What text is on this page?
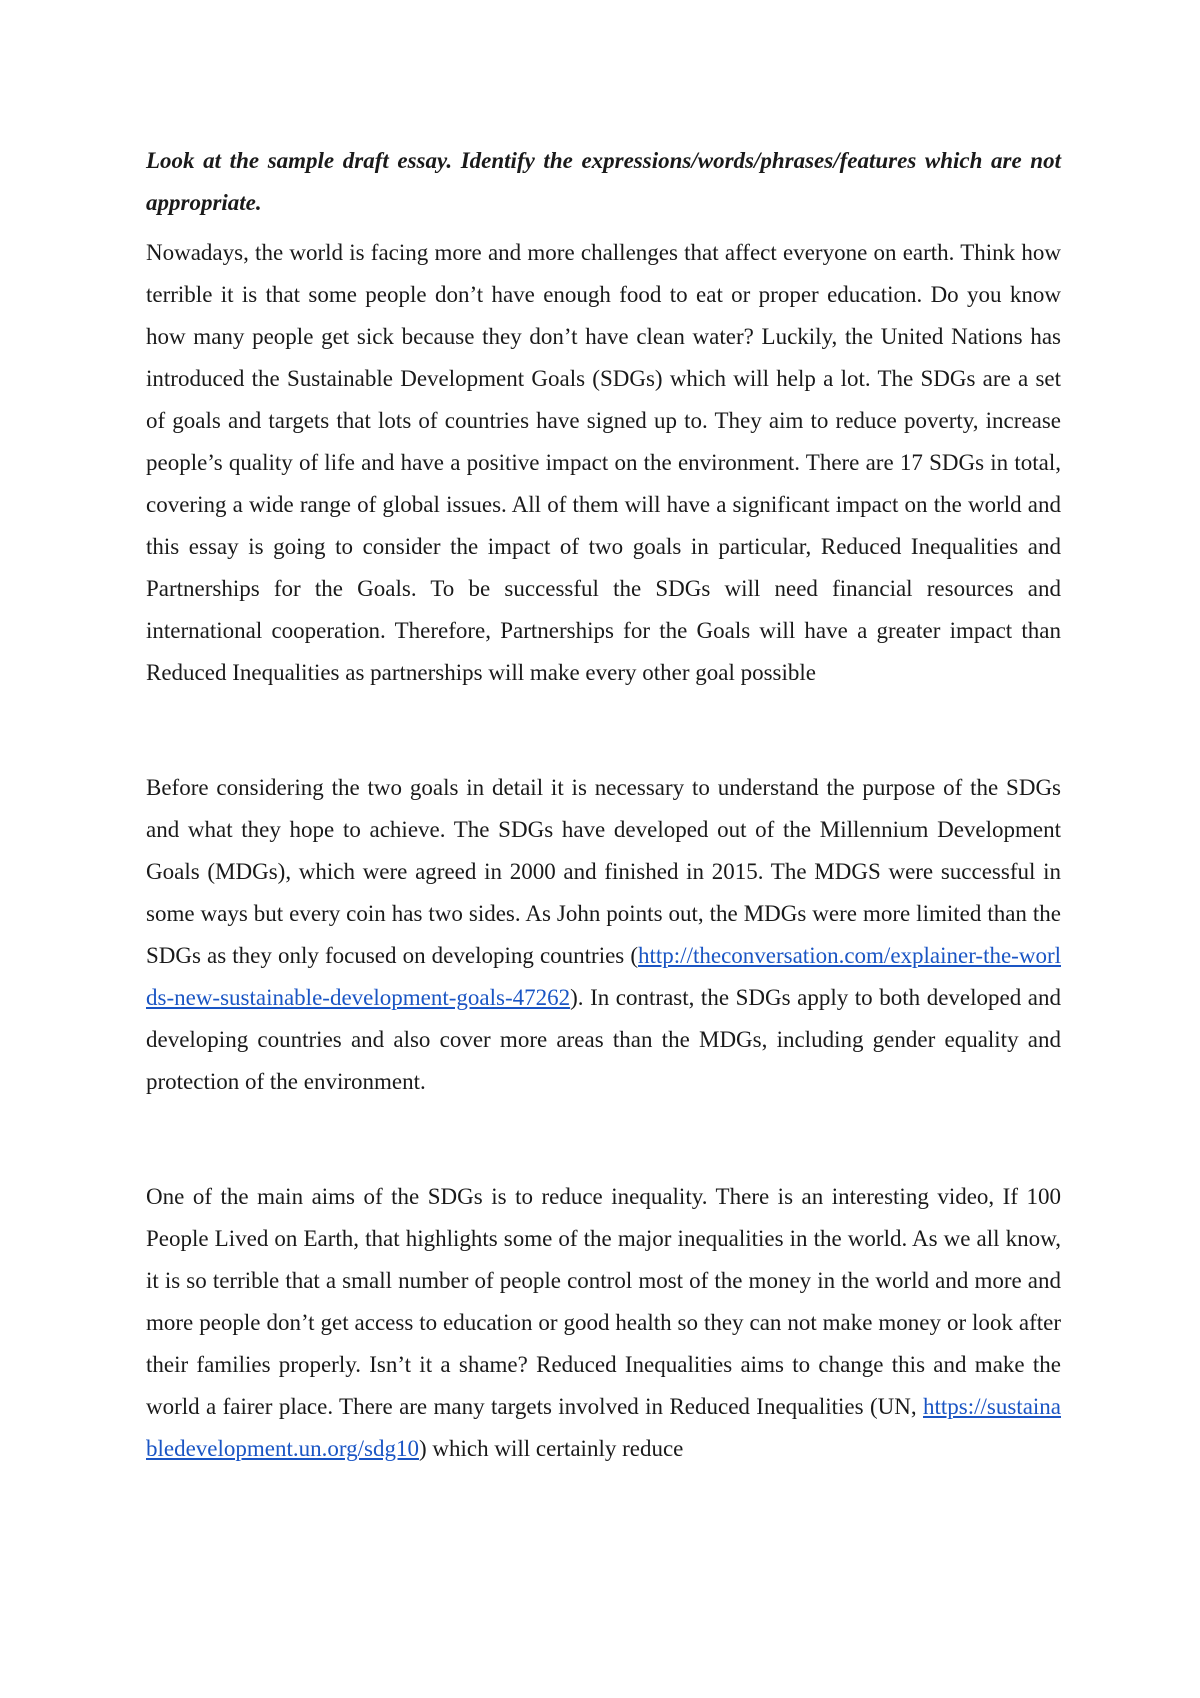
Look at the sample draft essay. Identify the expressions/words/phrases/features which are not appropriate.

Nowadays, the world is facing more and more challenges that affect everyone on earth. Think how terrible it is that some people don’t have enough food to eat or proper education. Do you know how many people get sick because they don’t have clean water? Luckily, the United Nations has introduced the Sustainable Development Goals (SDGs) which will help a lot. The SDGs are a set of goals and targets that lots of countries have signed up to. They aim to reduce poverty, increase people’s quality of life and have a positive impact on the environment. There are 17 SDGs in total, covering a wide range of global issues. All of them will have a significant impact on the world and this essay is going to consider the impact of two goals in particular, Reduced Inequalities and Partnerships for the Goals. To be successful the SDGs will need financial resources and international cooperation. Therefore, Partnerships for the Goals will have a greater impact than Reduced Inequalities as partnerships will make every other goal possible

Before considering the two goals in detail it is necessary to understand the purpose of the SDGs and what they hope to achieve. The SDGs have developed out of the Millennium Development Goals (MDGs), which were agreed in 2000 and finished in 2015. The MDGS were successful in some ways but every coin has two sides. As John points out, the MDGs were more limited than the SDGs as they only focused on developing countries (http://theconversation.com/explainer-the-worlds-new-sustainable-development-goals-47262). In contrast, the SDGs apply to both developed and developing countries and also cover more areas than the MDGs, including gender equality and protection of the environment.

One of the main aims of the SDGs is to reduce inequality. There is an interesting video, If 100 People Lived on Earth, that highlights some of the major inequalities in the world. As we all know, it is so terrible that a small number of people control most of the money in the world and more and more people don’t get access to education or good health so they can not make money or look after their families properly. Isn’t it a shame? Reduced Inequalities aims to change this and make the world a fairer place. There are many targets involved in Reduced Inequalities (UN, https://sustainabledevelopment.un.org/sdg10) which will certainly reduce
